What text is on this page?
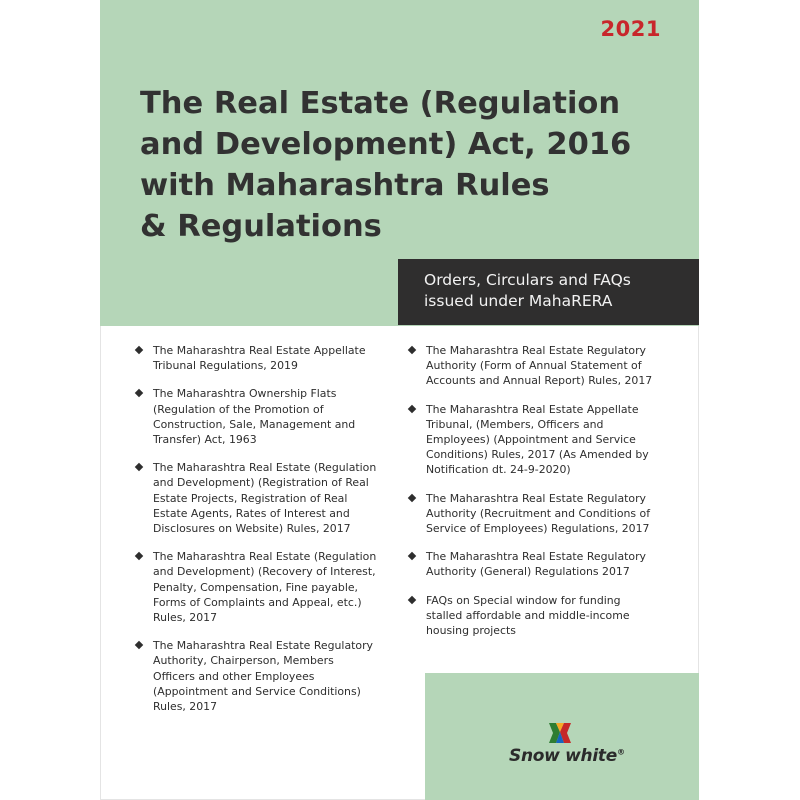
2021
The Real Estate (Regulation
and Development) Act, 2016
with Maharashtra Rules
& Regulations
Orders, Circulars and FAQs
issued under MahaRERA
The Maharashtra Real Estate Appellate
Tribunal Regulations, 2019
The Maharashtra Ownership Flats
(Regulation of the Promotion of
Construction, Sale, Management and
Transfer) Act, 1963
The Maharashtra Real Estate (Regulation
and Development) (Registration of Real
Estate Projects, Registration of Real
Estate Agents, Rates of Interest and
Disclosures on Website) Rules, 2017
The Maharashtra Real Estate (Regulation
and Development) (Recovery of Interest,
Penalty, Compensation, Fine payable,
Forms of Complaints and Appeal, etc.)
Rules, 2017
The Maharashtra Real Estate Regulatory
Authority, Chairperson, Members
Officers and other Employees
(Appointment and Service Conditions)
Rules, 2017
The Maharashtra Real Estate Regulatory
Authority (Form of Annual Statement of
Accounts and Annual Report) Rules, 2017
The Maharashtra Real Estate Appellate
Tribunal, (Members, Officers and
Employees) (Appointment and Service
Conditions) Rules, 2017 (As Amended by
Notification dt. 24-9-2020)
The Maharashtra Real Estate Regulatory
Authority (Recruitment and Conditions of
Service of Employees) Regulations, 2017
The Maharashtra Real Estate Regulatory
Authority (General) Regulations 2017
FAQs on Special window for funding
stalled affordable and middle-income
housing projects
Snow white®
